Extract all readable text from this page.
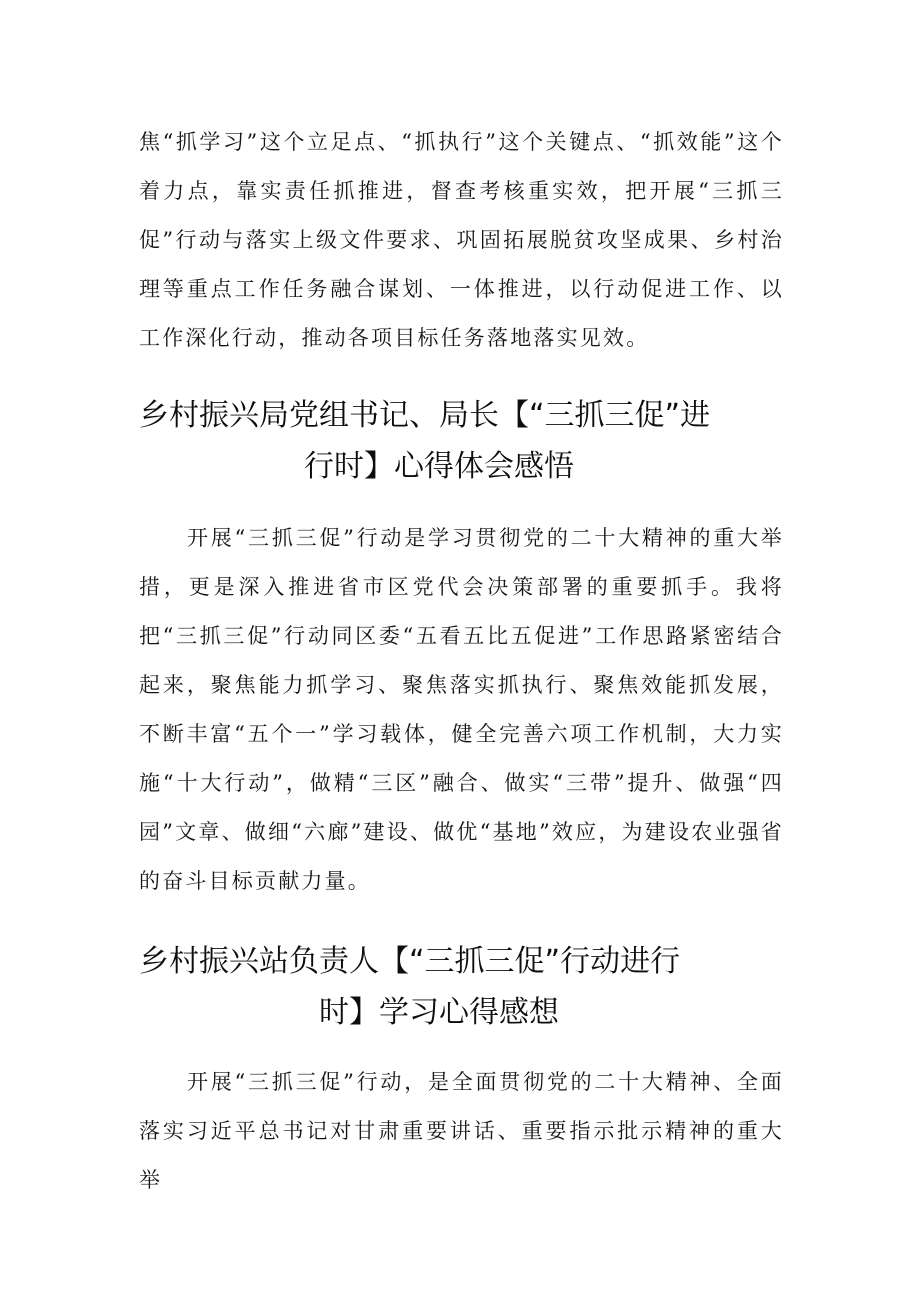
焦“抓学习”这个立足点、“抓执行”这个关键点、“抓效能”这个着力点，靠实责任抓推进，督查考核重实效，把开展“三抓三促”行动与落实上级文件要求、巩固拓展脱贫攻坚成果、乡村治理等重点工作任务融合谋划、一体推进，以行动促进工作、以工作深化行动，推动各项目标任务落地落实见效。

乡村振兴局党组书记、局长【“三抓三促”进
行时】心得体会感悟

开展“三抓三促”行动是学习贯彻党的二十大精神的重大举措，更是深入推进省市区党代会决策部署的重要抓手。我将把“三抓三促”行动同区委“五看五比五促进”工作思路紧密结合起来，聚焦能力抓学习、聚焦落实抓执行、聚焦效能抓发展，不断丰富“五个一”学习载体，健全完善六项工作机制，大力实施“十大行动”，做精“三区”融合、做实“三带”提升、做强“四园”文章、做细“六廊”建设、做优“基地”效应，为建设农业强省的奋斗目标贡献力量。

乡村振兴站负责人【“三抓三促”行动进行
时】学习心得感想

开展“三抓三促”行动，是全面贯彻党的二十大精神、全面落实习近平总书记对甘肃重要讲话、重要指示批示精神的重大举
